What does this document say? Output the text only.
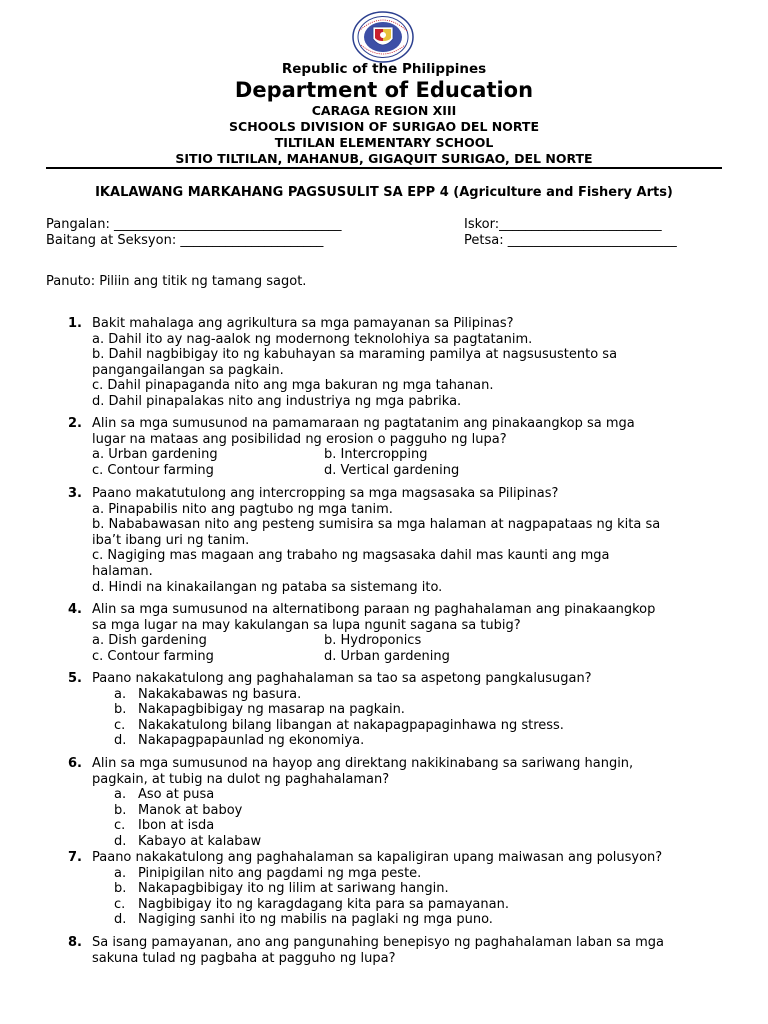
Republic of the Philippines
Department of Education
CARAGA REGION XIII
SCHOOLS DIVISION OF SURIGAO DEL NORTE
TILTILAN ELEMENTARY SCHOOL
SITIO TILTILAN, MAHANUB, GIGAQUIT SURIGAO, DEL NORTE
IKALAWANG MARKAHANG PAGSUSULIT SA EPP 4 (Agriculture and Fishery Arts)
Pangalan: ___________________________________	Iskor:_________________________
Baitang at Seksyon: ______________________	Petsa: __________________________
Panuto: Piliin ang titik ng tamang sagot.
1. Bakit mahalaga ang agrikultura sa mga pamayanan sa Pilipinas?
a. Dahil ito ay nag-aalok ng modernong teknolohiya sa pagtatanim.
b. Dahil nagbibigay ito ng kabuhayan sa maraming pamilya at nagsusustento sa
pangangailangan sa pagkain.
c. Dahil pinapaganda nito ang mga bakuran ng mga tahanan.
d. Dahil pinapalakas nito ang industriya ng mga pabrika.
2. Alin sa mga sumusunod na pamamaraan ng pagtatanim ang pinakaangkop sa mga
lugar na mataas ang posibilidad ng erosion o pagguho ng lupa?
a. Urban gardening	b. Intercropping
c. Contour farming	d. Vertical gardening
3. Paano makatutulong ang intercropping sa mga magsasaka sa Pilipinas?
a. Pinapabilis nito ang pagtubo ng mga tanim.
b. Nababawasan nito ang pesteng sumisira sa mga halaman at nagpapataas ng kita sa
iba’t ibang uri ng tanim.
c. Nagiging mas magaan ang trabaho ng magsasaka dahil mas kaunti ang mga
halaman.
d. Hindi na kinakailangan ng pataba sa sistemang ito.
4. Alin sa mga sumusunod na alternatibong paraan ng paghahalaman ang pinakaangkop
sa mga lugar na may kakulangan sa lupa ngunit sagana sa tubig?
a. Dish gardening	b. Hydroponics
c. Contour farming	d. Urban gardening
5. Paano nakakatulong ang paghahalaman sa tao sa aspetong pangkalusugan?
a. Nakakabawas ng basura.
b. Nakapagbibigay ng masarap na pagkain.
c. Nakakatulong bilang libangan at nakapagpapaginhawa ng stress.
d. Nakapagpapaunlad ng ekonomiya.
6. Alin sa mga sumusunod na hayop ang direktang nakikinabang sa sariwang hangin,
pagkain, at tubig na dulot ng paghahalaman?
a. Aso at pusa
b. Manok at baboy
c. Ibon at isda
d. Kabayo at kalabaw
7. Paano nakakatulong ang paghahalaman sa kapaligiran upang maiwasan ang polusyon?
a. Pinipigilan nito ang pagdami ng mga peste.
b. Nakapagbibigay ito ng lilim at sariwang hangin.
c. Nagbibigay ito ng karagdagang kita para sa pamayanan.
d. Nagiging sanhi ito ng mabilis na paglaki ng mga puno.
8. Sa isang pamayanan, ano ang pangunahing benepisyo ng paghahalaman laban sa mga
sakuna tulad ng pagbaha at pagguho ng lupa?
